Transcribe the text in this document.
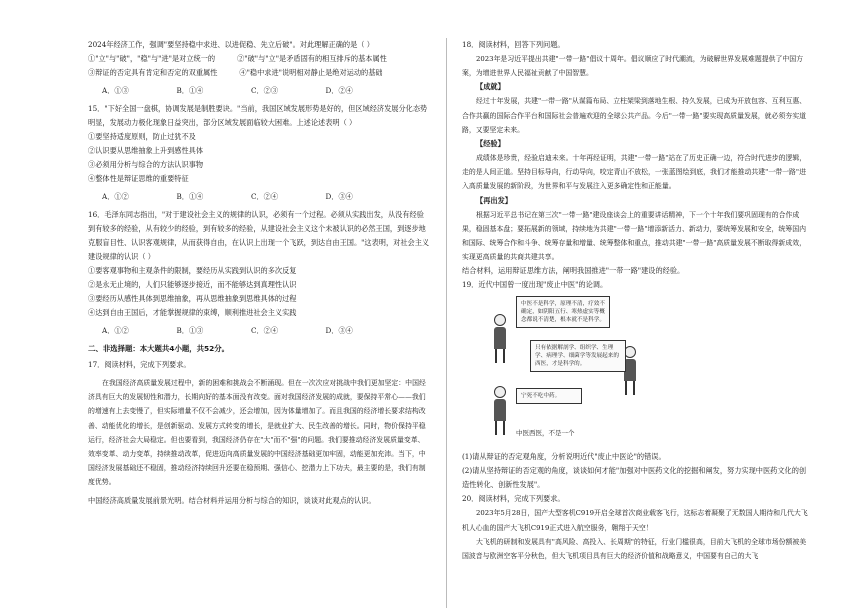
2024年经济工作，强调"要坚持稳中求进、以进促稳、先立后破"。对此理解正确的是（ ）

①"立"与"破"，"稳"与"进"是对立统一的	②"破"与"立"是矛盾固有的相互排斥的基本属性

③辩证的否定具有肯定和否定的双重属性	④"稳中求进"说明相对静止是绝对运动的基础

A．①③	B．①④	C．②③	D．②④

15．"下好全国一盘棋，协调发展是制胜要诀。"当前，我国区域发展形势是好的，但区域经济发展分化态势明显，发展动力极化现象日益突出，部分区域发展面临较大困难。上述论述表明（ ）

①要坚持适度原则，防止过犹不及

②认识要从思维抽象上升到感性具体

③必须用分析与综合的方法认识事物

④整体性是辩证思维的重要特征

A．①②	B．①④	C．②④	D．③④

16．毛泽东同志指出，"对于建设社会主义的规律的认识，必须有一个过程。必须从实践出发，从没有经验到有较多的经验，从有较少的经验，到有较多的经验，从建设社会主义这个未被认识的必然王国，到逐步地克服盲目性、认识客观规律，从而获得自由，在认识上出现一个飞跃，到达自由王国。"这表明，对社会主义建设规律的认识（ ）

①要客观事物和主观条件的限制，要经历从实践到认识的多次反复

②是永无止境的，人们只能够逐步接近，而不能够达到真理性认识

③要经历从感性具体到思维抽象，再从思维抽象到思维具体的过程

④达到自由王国后，才能掌握规律的束缚，顺利推进社会主义实践

A．①②	B．①③	C．②④	D．③④

二、非选择题：本大题共4小题，共52分。

17．阅读材料，完成下列要求。

在我国经济高质量发展过程中，新的困难和挑战会不断涌现。但在一次次应对挑战中我们更加坚定：中国经济具有巨大的发展韧性和潜力，长期向好的基本面没有改变。面对我国经济发展的成就，要保持平常心——我们的增速有上去变慢了，但实际增量不仅不会减少，还会增加，因为体量增加了。而且我国的经济增长要求结构改善、动能优化的增长，是创新驱动、发展方式转变的增长，是就业扩大、民生改善的增长。同时，物价保持平稳运行，经济社会大局稳定。但也要看到，我国经济仍存在"大"而不"强"的问题。我们要推动经济发展质量变革、效率变革、动力变革，持续推动改革，促进迈向高质量发展的中国经济基础更加牢固，动能更加充沛。当下，中国经济发展基础还不稳固，推动经济持续回升还要在稳预期、强信心、挖潜力上下功夫，最主要的是，我们有制度优势。

中国经济高质量发展前景光明。结合材料并运用分析与综合的知识，谈谈对此观点的认识。

18．阅读材料，回答下列问题。

2023年是习近平提出共建"一带一路"倡议十周年。倡议顺应了时代潮流，为破解世界发展难题提供了中国方案，为增进世界人民福祉贡献了中国智慧。

【成就】

经过十年发展，共建"一带一路"从谋篇布局、立柱架梁到落地生根、持久发展，已成为开放包容、互利互惠、合作共赢的国际合作平台和国际社会普遍欢迎的全球公共产品。今后"一带一路"要实现高质量发展，就必须夯实道路，又要坚定未来。

【经验】

成绩体是珍贵，经验启迪未来。十年再经证明，共建"一带一路"站在了历史正确一边，符合时代进步的逻辑，走的是人间正道。坚持目标导向，行动导向，咬定青山不放松，一张蓝图绘到底，我们才能推动共建"一带一路"进入高质量发展的新阶段，为世界和平与发展注入更多确定性和正能量。

【再出发】

根据习近平总书记在第三次"一带一路"建设座谈会上的重要讲话精神，下一个十年我们要巩固现有的合作成果，稳固基本盘；要拓展新的领域，持续地为共建"一带一路"增添新活力、新动力，要统筹发展和安全，统筹国内和国际、统筹合作和斗争、统筹存量和增量、统筹整体和重点，推动共建"一带一路"高质量发展不断取得新成效，实现更高质量的共商共建共享。

结合材料，运用辩证思维方法，阐明我国推进"一带一路"建设的经验。

19．近代中国曾一度出现"废止中医"的论调。

中医不是科学，原理不清，疗效不确定，如阴阳五行、寒热虚实等概念都说不清楚，根本就不是科学。
只有依据解剖学、组织学、生理学、病理学、细菌学等发展起来的西医，才是科学的。
宁死不吃中药。
中医西医，不是一个

(1)请从辩证的否定观角度，分析说明近代"废止中医论"的错误。

(2)请从坚持辩证的否定观的角度，谈谈如何才能"加强对中医药文化的挖掘和阐发，努力实现中医药文化的创造性转化、创新性发展"。

20．阅读材料，完成下列要求。

2023年5月28日，国产大型客机C919开启全球首次商业载客飞行，这标志着凝聚了无数国人期待和几代大飞机人心血的国产大飞机C919正式进入航空服务，翱翔于天空！

大飞机的研制和发展具有"高风险、高投入、长周期"的特征，行业门槛很高，目前大飞机的全球市场份额被美国波音与欧洲空客平分秋色，但大飞机项目具有巨大的经济价值和战略意义，中国要有自己的大飞
